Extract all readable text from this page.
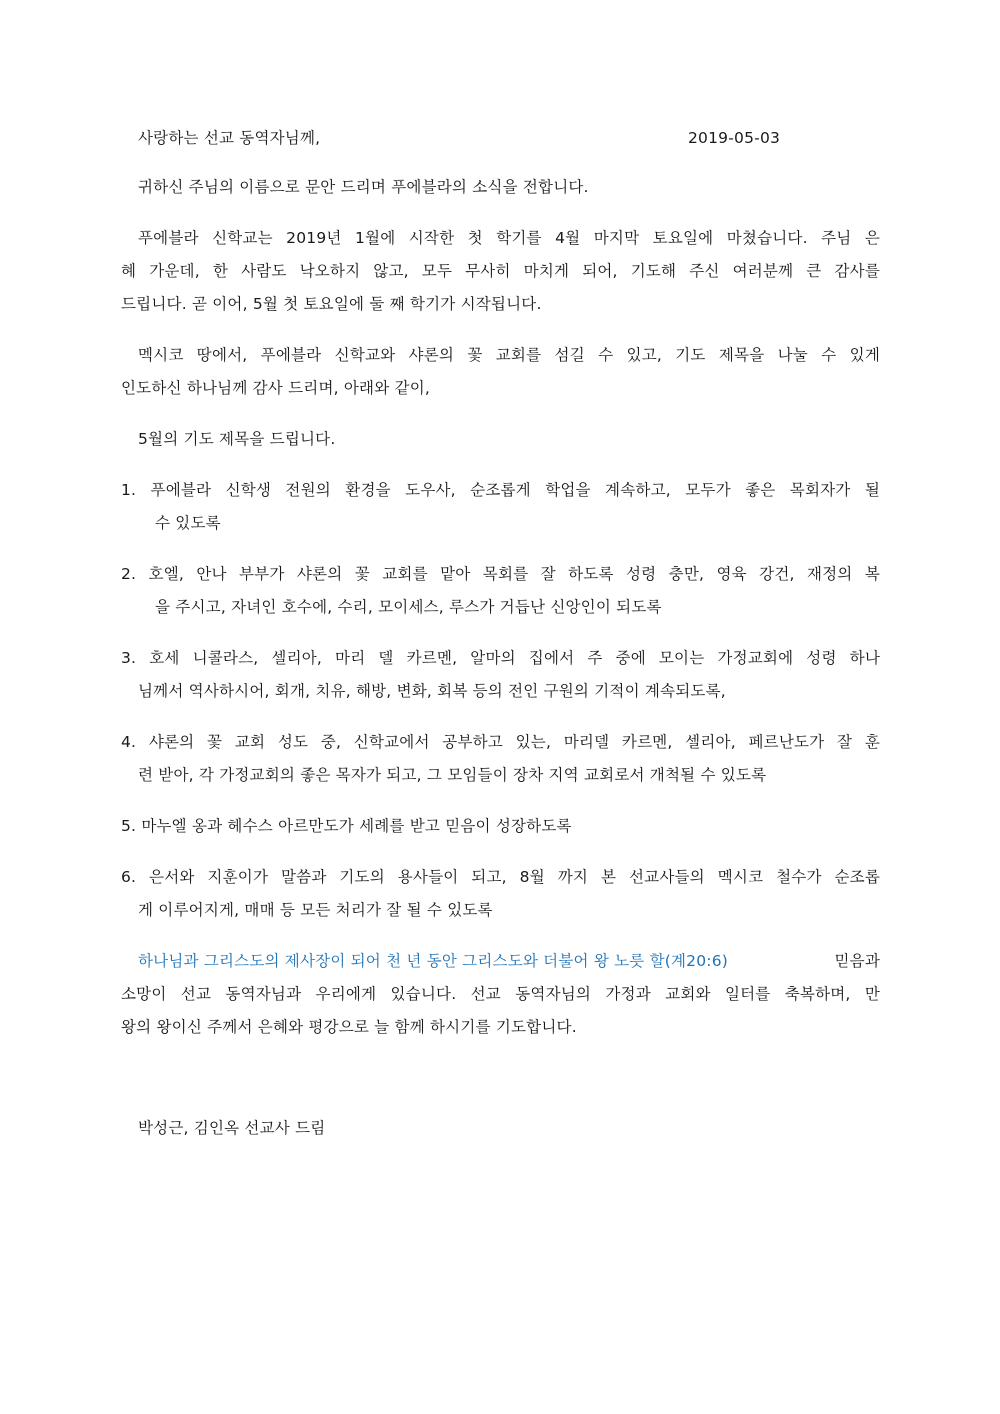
사랑하는 선교 동역자님께,	2019-05-03
귀하신 주님의 이름으로 문안 드리며 푸에블라의 소식을 전합니다.
푸에블라 신학교는 2019년 1월에 시작한 첫 학기를 4월 마지막 토요일에 마쳤습니다. 주님 은
혜 가운데, 한 사람도 낙오하지 않고, 모두 무사히 마치게 되어, 기도해 주신 여러분께 큰 감사를
드립니다. 곧 이어, 5월 첫 토요일에 둘 째 학기가 시작됩니다.
멕시코 땅에서, 푸에블라 신학교와 샤론의 꽃 교회를 섬길 수 있고, 기도 제목을 나눌 수 있게
인도하신 하나님께 감사 드리며, 아래와 같이,
5월의 기도 제목을 드립니다.
1. 푸에블라 신학생 전원의 환경을 도우사, 순조롭게 학업을 계속하고, 모두가 좋은 목회자가 될
수 있도록
2. 호엘, 안나 부부가 샤론의 꽃 교회를 맡아 목회를 잘 하도록 성령 충만, 영육 강건, 재정의 복
을 주시고, 자녀인 호수에, 수리, 모이세스, 루스가 거듭난 신앙인이 되도록
3. 호세 니콜라스, 셀리아, 마리 델 카르멘, 알마의 집에서 주 중에 모이는 가정교회에 성령 하나
님께서 역사하시어, 회개, 치유, 해방, 변화, 회복 등의 전인 구원의 기적이 계속되도록,
4. 샤론의 꽃 교회 성도 중, 신학교에서 공부하고 있는, 마리델 카르멘, 셀리아, 페르난도가 잘 훈
련 받아, 각 가정교회의 좋은 목자가 되고, 그 모임들이 장차 지역 교회로서 개척될 수 있도록
5. 마누엘 옹과 헤수스 아르만도가 세례를 받고 믿음이 성장하도록
6. 은서와 지훈이가 말씀과 기도의 용사들이 되고, 8월 까지 본 선교사들의 멕시코 철수가 순조롭
게 이루어지게, 매매 등 모든 처리가 잘 될 수 있도록
하나님과 그리스도의 제사장이 되어 천 년 동안 그리스도와 더불어 왕 노릇 할(계20:6)	믿음과
소망이 선교 동역자님과 우리에게 있습니다. 선교 동역자님의 가정과 교회와 일터를 축복하며, 만
왕의 왕이신 주께서 은혜와 평강으로 늘 함께 하시기를 기도합니다.
박성근, 김인옥 선교사 드림
